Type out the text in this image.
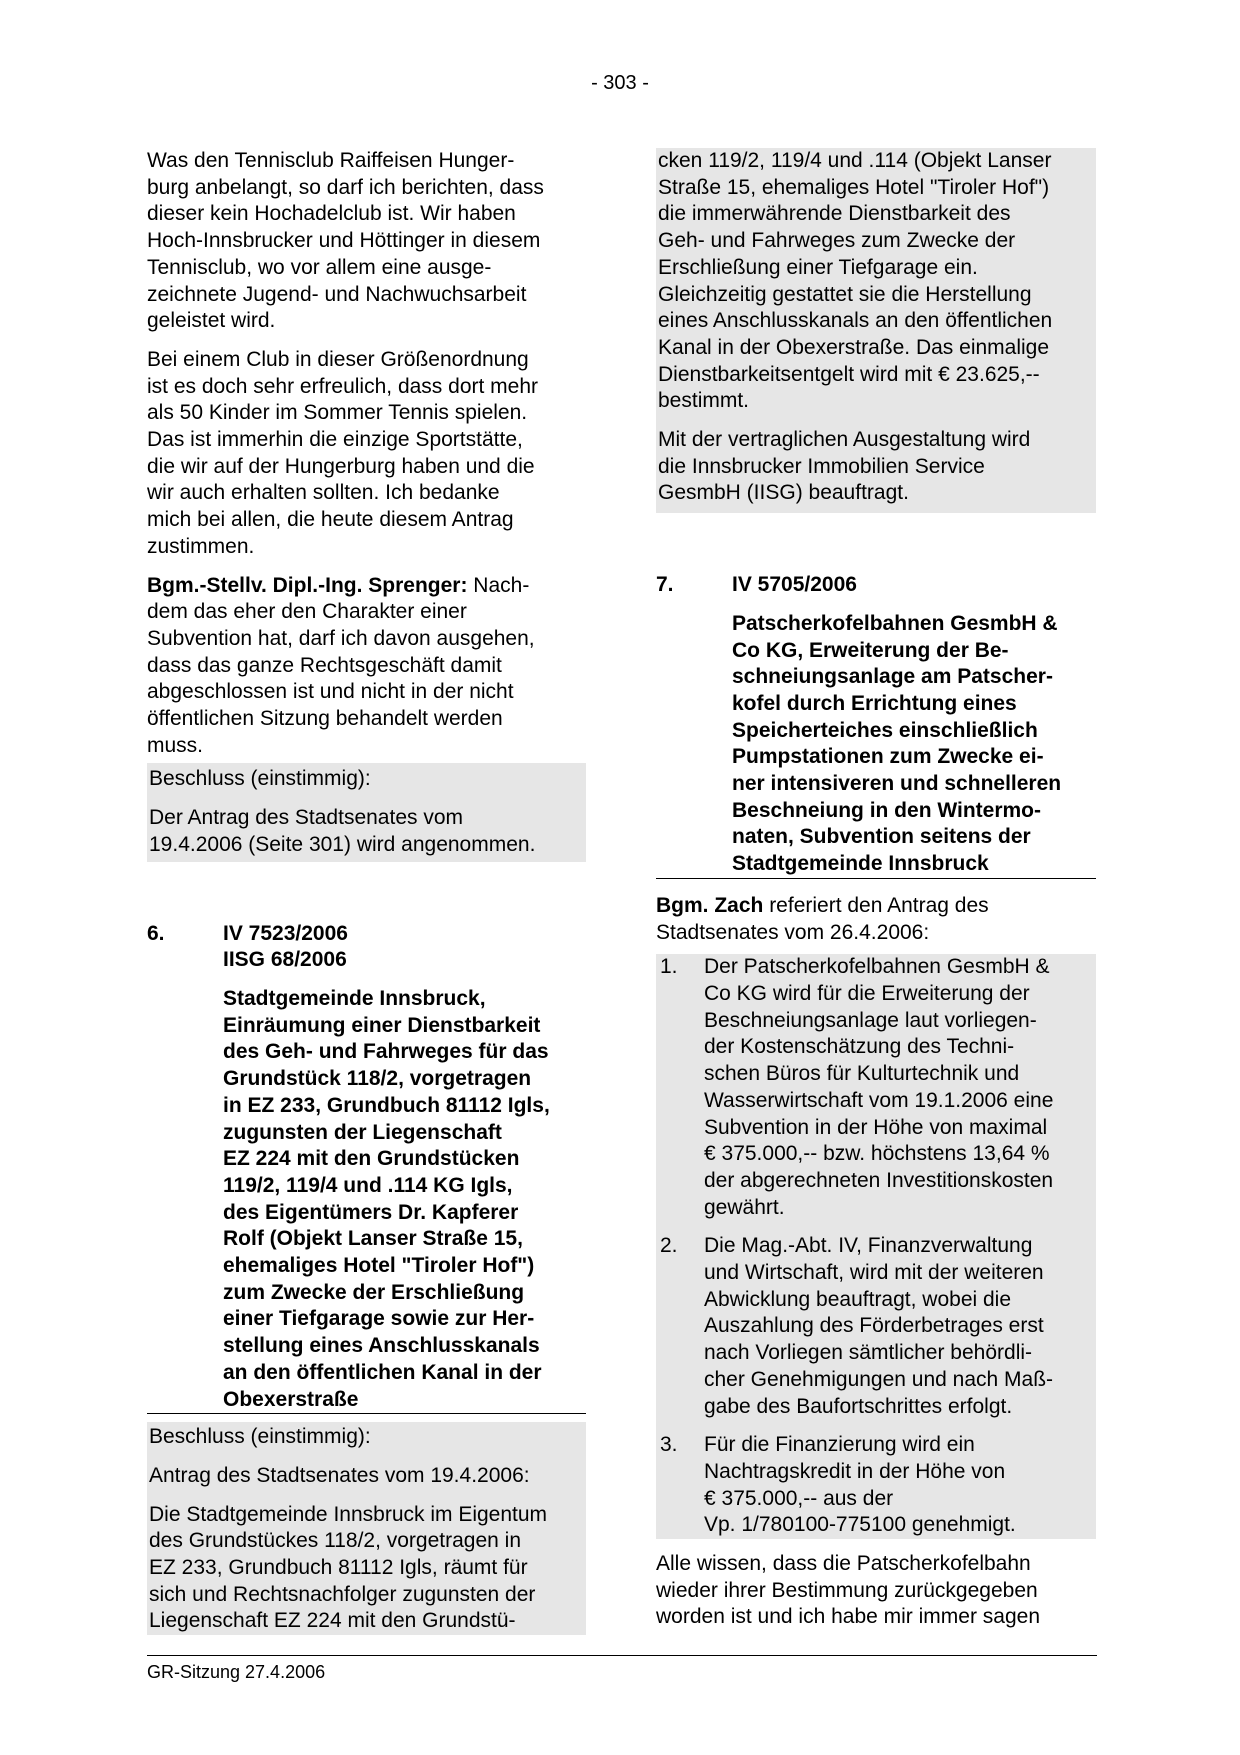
- 303 -
Was den Tennisclub Raiffeisen Hunger-
burg anbelangt, so darf ich berichten, dass
dieser kein Hochadelclub ist. Wir haben
Hoch-Innsbrucker und Höttinger in diesem
Tennisclub, wo vor allem eine ausge-
zeichnete Jugend- und Nachwuchsarbeit
geleistet wird.
Bei einem Club in dieser Größenordnung
ist es doch sehr erfreulich, dass dort mehr
als 50 Kinder im Sommer Tennis spielen.
Das ist immerhin die einzige Sportstätte,
die wir auf der Hungerburg haben und die
wir auch erhalten sollten. Ich bedanke
mich bei allen, die heute diesem Antrag
zustimmen.
Bgm.-Stellv. Dipl.-Ing. Sprenger: Nach-
dem das eher den Charakter einer
Subvention hat, darf ich davon ausgehen,
dass das ganze Rechtsgeschäft damit
abgeschlossen ist und nicht in der nicht
öffentlichen Sitzung behandelt werden
muss.
Beschluss (einstimmig):
Der Antrag des Stadtsenates vom
19.4.2006 (Seite 301) wird angenommen.
6.	IV 7523/2006
IISG 68/2006
Stadtgemeinde Innsbruck,
Einräumung einer Dienstbarkeit
des Geh- und Fahrweges für das
Grundstück 118/2, vorgetragen
in EZ 233, Grundbuch 81112 Igls,
zugunsten der Liegenschaft
EZ 224 mit den Grundstücken
119/2, 119/4 und .114 KG Igls,
des Eigentümers Dr. Kapferer
Rolf (Objekt Lanser Straße 15,
ehemaliges Hotel "Tiroler Hof")
zum Zwecke der Erschließung
einer Tiefgarage sowie zur Her-
stellung eines Anschlusskanals
an den öffentlichen Kanal in der
Obexerstraße
Beschluss (einstimmig):
Antrag des Stadtsenates vom 19.4.2006:
Die Stadtgemeinde Innsbruck im Eigentum
des Grundstückes 118/2, vorgetragen in
EZ 233, Grundbuch 81112 Igls, räumt für
sich und Rechtsnachfolger zugunsten der
Liegenschaft EZ 224 mit den Grundstü-
cken 119/2, 119/4 und .114 (Objekt Lanser
Straße 15, ehemaliges Hotel "Tiroler Hof")
die immerwährende Dienstbarkeit des
Geh- und Fahrweges zum Zwecke der
Erschließung einer Tiefgarage ein.
Gleichzeitig gestattet sie die Herstellung
eines Anschlusskanals an den öffentlichen
Kanal in der Obexerstraße. Das einmalige
Dienstbarkeitsentgelt wird mit € 23.625,--
bestimmt.
Mit der vertraglichen Ausgestaltung wird
die Innsbrucker Immobilien Service
GesmbH (IISG) beauftragt.
7.	IV 5705/2006
Patscherkofelbahnen GesmbH &
Co KG, Erweiterung der Be-
schneiungsanlage am Patscher-
kofel durch Errichtung eines
Speicherteiches einschließlich
Pumpstationen zum Zwecke ei-
ner intensiveren und schnelleren
Beschneiung in den Wintermo-
naten, Subvention seitens der
Stadtgemeinde Innsbruck
Bgm. Zach referiert den Antrag des
Stadtsenates vom 26.4.2006:
1. Der Patscherkofelbahnen GesmbH &
Co KG wird für die Erweiterung der
Beschneiungsanlage laut vorliegen-
der Kostenschätzung des Techni-
schen Büros für Kulturtechnik und
Wasserwirtschaft vom 19.1.2006 eine
Subvention in der Höhe von maximal
€ 375.000,-- bzw. höchstens 13,64 %
der abgerechneten Investitionskosten
gewährt.
2. Die Mag.-Abt. IV, Finanzverwaltung
und Wirtschaft, wird mit der weiteren
Abwicklung beauftragt, wobei die
Auszahlung des Förderbetrages erst
nach Vorliegen sämtlicher behördli-
cher Genehmigungen und nach Maß-
gabe des Baufortschrittes erfolgt.
3. Für die Finanzierung wird ein
Nachtragskredit in der Höhe von
€ 375.000,-- aus der
Vp. 1/780100-775100 genehmigt.
Alle wissen, dass die Patscherkofelbahn
wieder ihrer Bestimmung zurückgegeben
worden ist und ich habe mir immer sagen
GR-Sitzung 27.4.2006
